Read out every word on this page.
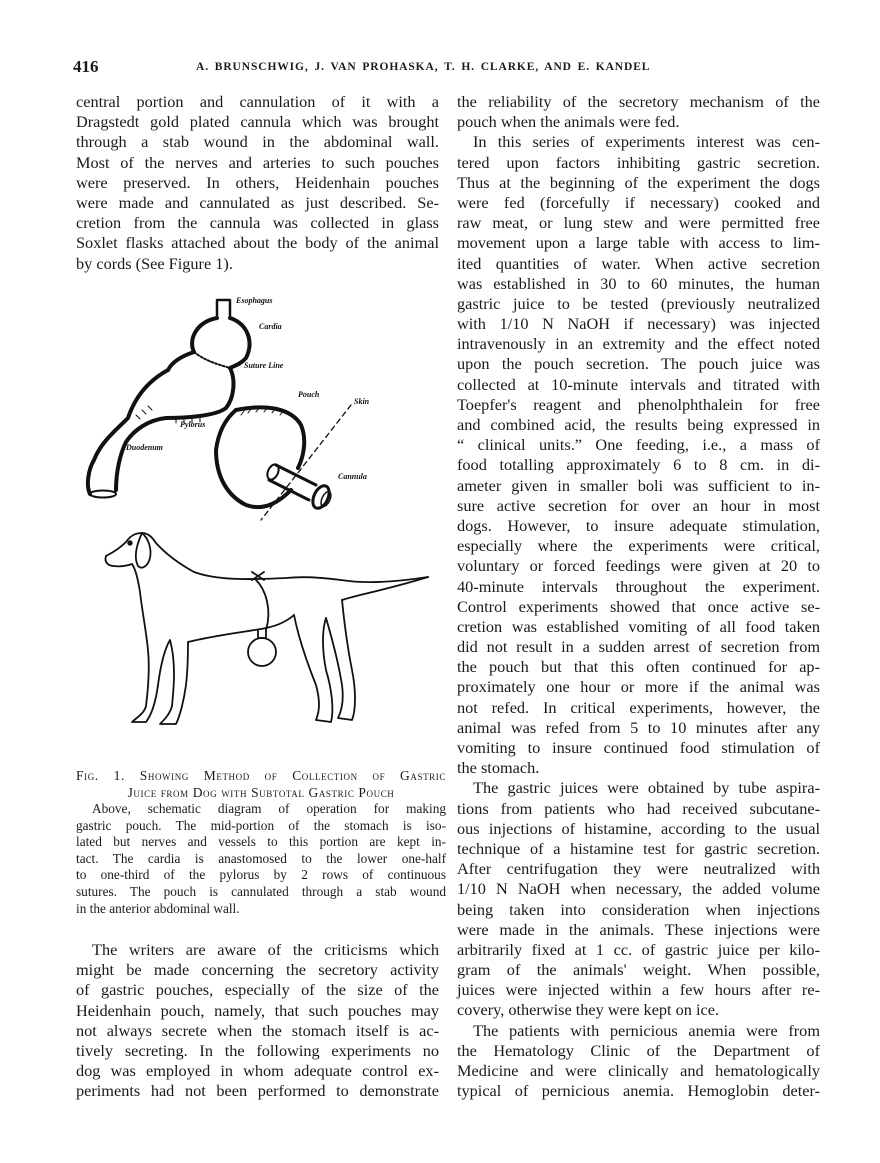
416	A. BRUNSCHWIG, J. VAN PROHASKA, T. H. CLARKE, AND E. KANDEL
central portion and cannulation of it with a
Dragstedt gold plated cannula which was brought
through a stab wound in the abdominal wall.
Most of the nerves and arteries to such pouches
were preserved. In others, Heidenhain pouches
were made and cannulated as just described. Se-
cretion from the cannula was collected in glass
Soxlet flasks attached about the body of the animal
by cords (See Figure 1).
Esophagus
Cardia
Suture Line
Pouch
Skin
Pylorus
Duodenum
Cannula
Fig. 1. Showing Method of Collection of Gastric
Juice from Dog with Subtotal Gastric Pouch
Above, schematic diagram of operation for making
gastric pouch. The mid-portion of the stomach is iso-
lated but nerves and vessels to this portion are kept in-
tact. The cardia is anastomosed to the lower one-half
to one-third of the pylorus by 2 rows of continuous
sutures. The pouch is cannulated through a stab wound
in the anterior abdominal wall.
The writers are aware of the criticisms which
might be made concerning the secretory activity
of gastric pouches, especially of the size of the
Heidenhain pouch, namely, that such pouches may
not always secrete when the stomach itself is ac-
tively secreting. In the following experiments no
dog was employed in whom adequate control ex-
periments had not been performed to demonstrate
the reliability of the secretory mechanism of the
pouch when the animals were fed.
In this series of experiments interest was cen-
tered upon factors inhibiting gastric secretion.
Thus at the beginning of the experiment the dogs
were fed (forcefully if necessary) cooked and
raw meat, or lung stew and were permitted free
movement upon a large table with access to lim-
ited quantities of water. When active secretion
was established in 30 to 60 minutes, the human
gastric juice to be tested (previously neutralized
with 1/10 N NaOH if necessary) was injected
intravenously in an extremity and the effect noted
upon the pouch secretion. The pouch juice was
collected at 10-minute intervals and titrated with
Toepfer's reagent and phenolphthalein for free
and combined acid, the results being expressed in
“ clinical units.” One feeding, i.e., a mass of
food totalling approximately 6 to 8 cm. in di-
ameter given in smaller boli was sufficient to in-
sure active secretion for over an hour in most
dogs. However, to insure adequate stimulation,
especially where the experiments were critical,
voluntary or forced feedings were given at 20 to
40-minute intervals throughout the experiment.
Control experiments showed that once active se-
cretion was established vomiting of all food taken
did not result in a sudden arrest of secretion from
the pouch but that this often continued for ap-
proximately one hour or more if the animal was
not refed. In critical experiments, however, the
animal was refed from 5 to 10 minutes after any
vomiting to insure continued food stimulation of
the stomach.
The gastric juices were obtained by tube aspira-
tions from patients who had received subcutane-
ous injections of histamine, according to the usual
technique of a histamine test for gastric secretion.
After centrifugation they were neutralized with
1/10 N NaOH when necessary, the added volume
being taken into consideration when injections
were made in the animals. These injections were
arbitrarily fixed at 1 cc. of gastric juice per kilo-
gram of the animals' weight. When possible,
juices were injected within a few hours after re-
covery, otherwise they were kept on ice.
The patients with pernicious anemia were from
the Hematology Clinic of the Department of
Medicine and were clinically and hematologically
typical of pernicious anemia. Hemoglobin deter-
